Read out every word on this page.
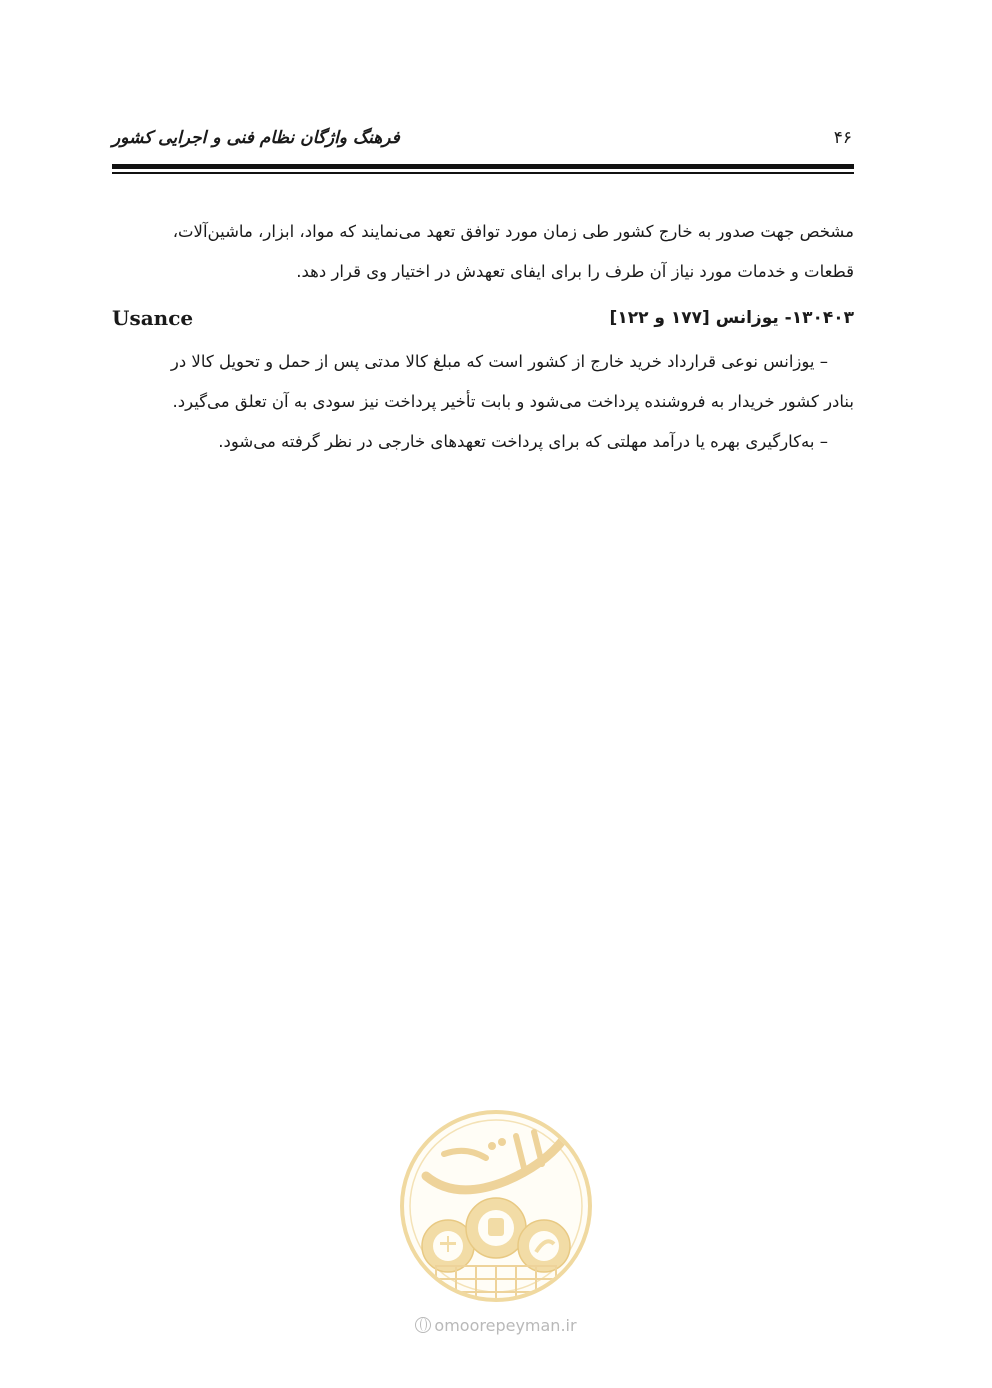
فرهنگ واژگان نظام فنی و اجرایی کشور	۴۶

مشخص جهت صدور به خارج کشور طی زمان مورد توافق تعهد می‌نمایند که مواد، ابزار، ماشین‌آلات،

قطعات و خدمات مورد نیاز آن طرف را برای ایفای تعهدش در اختیار وی قرار دهد.

۱۳۰۴۰۳- یوزانس [۱۷۷ و ۱۲۲]
Usance

– یوزانس نوعی قرارداد خرید خارج از کشور است که مبلغ کالا مدتی پس از حمل و تحویل کالا در

بنادر کشور خریدار به فروشنده پرداخت می‌شود و بابت تأخیر پرداخت نیز سودی به آن تعلق می‌گیرد.

– به‌کارگیری بهره یا درآمد مهلتی که برای پرداخت تعهدهای خارجی در نظر گرفته می‌شود.

omoorepeyman.ir
